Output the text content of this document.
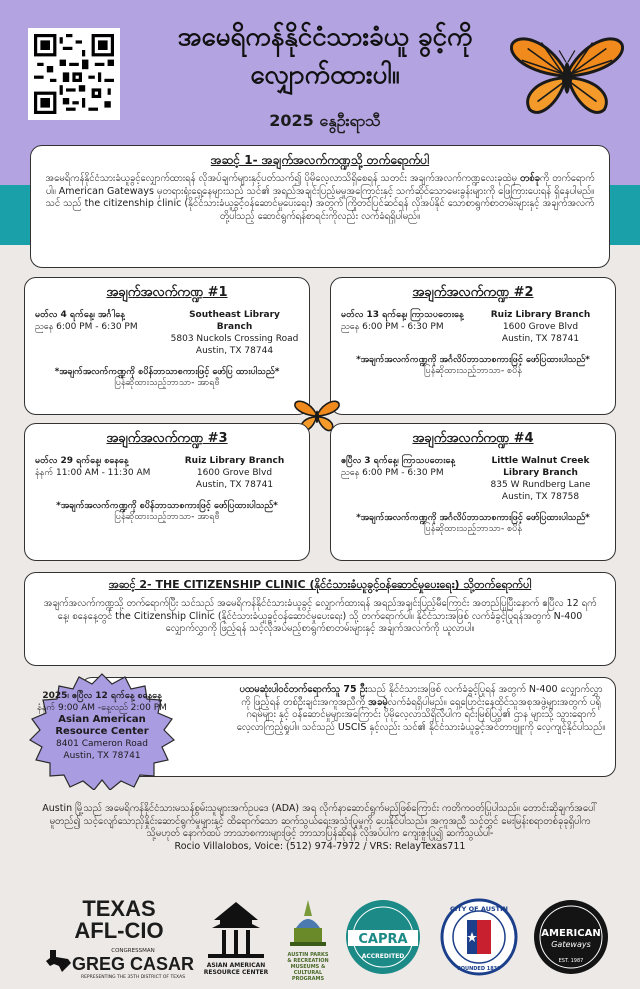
အမေရိကန်နိုင်ငံသားခံယူ ခွင့်ကို လျှောက်ထားပါ။
2025 နွေဦးရာသီ
အဆင့် 1- အချက်အလက်ကဏ္ဍသို့ တက်ရောက်ပါ
အမေရိကန်နိုင်ငံသားခံယူခွင့်လျှောက်ထားရန် လိုအပ်ချက်များနှင့်ပတ်သက်၍ ပိုမိုလေ့လာသိရှိစေရန် သတင်း အချက်အလက်ကဏ္ဍလေးခုထဲမှ တစ်ခုကို တက်ရောက်ပါ။ American Gateways မှတရားရုံးရှေ့နေများသည် သင်၏ အရည်အချင်းပြည့်မမှုအကြောင်းနှင့် သက်ဆိုင်သောမေးခွန်းများကို ဖြေကြားပေးရန် ရှိနေပါမည်။ သင် သည် the citizenship clinic (နိုင်ငံသားခံယူခွင့်ဝန်ဆောင်မှုပေးရေး) အတွက် ကြိုတင်ပြင်ဆင်ရန် လိုအပ်နိုင် သောစာရွက်စာတမ်းများနှင့် အချက်အလက်တို့ပါသည့် ဆောင်ရွက်ရန်စာရင်းကိုလည်း လက်ခံရရှိပါမည်။
အချက်အလက်ကဏ္ဍ #1
မတ်လ 4 ရက်နေ့၊ အင်္ဂါနေ့
ညနေ 6:00 PM - 6:30 PM
Southeast Library Branch
5803 Nuckols Crossing Road
Austin, TX 78744
*အချက်အလက်ကဏ္ဍကို စပိန်ဘာသာစကားဖြင့် ဖော်ပြ ထားပါသည်*
ပြန်ဆိုထားသည့်ဘာသာ- အာရဗီ
အချက်အလက်ကဏ္ဍ #2
မတ်လ 13 ရက်နေ့၊ ကြာသပတေးနေ့
ညနေ 6:00 PM - 6:30 PM
Ruiz Library Branch
1600 Grove Blvd
Austin, TX 78741
*အချက်အလက်ကဏ္ဍကို အင်္ဂလိပ်ဘာသာစကားဖြင့် ဖော်ပြထားပါသည်*
ပြန်ဆိုထားသည့်ဘာသာ- စပိန်
အချက်အလက်ကဏ္ဍ #3
မတ်လ 29 ရက်နေ့၊ စနေနေ့
နံနက် 11:00 AM - 11:30 AM
Ruiz Library Branch
1600 Grove Blvd
Austin, TX 78741
*အချက်အလက်ကဏ္ဍကို စပိန်ဘာသာစကားဖြင့် ဖော်ပြထားပါသည်*
ပြန်ဆိုထားသည့်ဘာသာ- အာရဗီ
အချက်အလက်ကဏ္ဍ #4
ဧပြီလ 3 ရက်နေ့၊ ကြာသပတေးနေ့
ညနေ 6:00 PM - 6:30 PM
Little Walnut Creek Library Branch
835 W Rundberg Lane
Austin, TX 78758
*အချက်အလက်ကဏ္ဍကို အင်္ဂလိပ်ဘာသာစကားဖြင့် ဖော်ပြထားပါသည်*
ပြန်ဆိုထားသည့်ဘာသာ- စပိန်
အဆင့် 2- THE CITIZENSHIP CLINIC (နိုင်ငံသားခံယူခွင့်ဝန်ဆောင်မှုပေးရေး) သို့တက်ရောက်ပါ
အချက်အလက်ကဏ္ဍသို့ တက်ရောက်ပြီး သင်သည် အမေရိကန်နိုင်ငံသားခံယူခွင့် လျှောက်ထားရန် အရည်အချင်းပြည့်မီကြောင်း အတည်ပြုပြီးနောက် ဧပြီလ 12 ရက်နေ့၊ စနေနေ့တွင် the Citizenship Clinic (နိုင်ငံသားခံယူခွင့်ဝန်ဆောင်မှုပေးရေး) သို့ တက်ရောက်ပါ။ နိုင်ငံသားအဖြစ် လက်ခံခွင့်ပြုရန်အတွက် N-400 လျှောက်လွှာကို ဖြည့်ရန် သင့်လိုအပ်မည့်စာရွက်စာတမ်းများနှင့် အချက်အလက်ကို ယူလာပါ။
ပထမဆုံးပါဝင်တက်ရောက်သူ 75 ဦးသည် နိုင်ငံသားအဖြစ် လက်ခံခွင့်ပြုရန် အတွက် N-400 လျှောက်လွှာကို ဖြည့်ရန် တစ်ဦးချင်းအကူအညီကို အခမဲ့လက်ခံရရှိပါမည်။ ရှေ့ပြောင်းနေထိုင်သူအစုအဖွဲ့များအတွက် ပရိုဂရမ်များ နှင့် ဝန်ဆောင်မှုများအကြောင်း ပိုမိုလေ့လာသိရှိလိုပါက ရင်းမြစ်ပြပွဲ၏ ဌာန များသို့ သွားရောက်လေ့လာကြည့်ရှုပါ။ သင်သည် USCIS နှင့်လည်း သင်၏ နိုင်ငံသားခံယူခွင့်အင်တာဗျူးကို လေ့ကျင့်နိုင်ပါသည်။
2025၊ ဧပြီလ 12 ရက်နေ့ စနေနေ့
နံနက် 9:00 AM -နေ့လည် 2:00 PM
Asian American Resource Center
8401 Cameron Road
Austin, TX 78741
Austin မြို့သည် အမေရိကန်နိုင်ငံသားမသန်စွမ်းသူများအက်ဥပဒေ (ADA) အရ လိုက်နာဆောင်ရွက်မည်ဖြစ်ကြောင်း ကတိကဝတ်ပြုပါသည်။ တောင်းဆိုချက်အပေါ်မူတည်၍ သင့်လျော်သောညှိနှိုင်းဆောင်ရွက်မှုများနှင့် ထိရောက်သော ဆက်သွယ်ရေးအသုံးပြုမှုကို ပေးနိုင်ပါသည်။ အကူအညီ သင့်တွင် မေးမြန်းစရာတစ်ခုခုရှိပါက သို့မဟုတ် နောက်ထပ် ဘာသာစကားများဖြင့် ဘာသာပြန်ဆိုရန် လိုအပ်ပါက ကျေးဇူးပြု၍ ဆက်သွယ်ပါ-
Rocio Villalobos, Voice: (512) 974-7972 / VRS: RelayTexas711
TEXAS
AFL-CIO
CONGRESSMAN
GREG CASAR
REPRESENTING THE 35TH DISTRICT OF TEXAS
ASIAN AMERICAN RESOURCE CENTER
AUSTIN PARKS & RECREATION
MUSEUMS & CULTURAL PROGRAMS
CAPRA
ACCREDITED
CITY OF AUSTIN
FOUNDED 1839
AMERICAN
Gateways
EST. 1987
